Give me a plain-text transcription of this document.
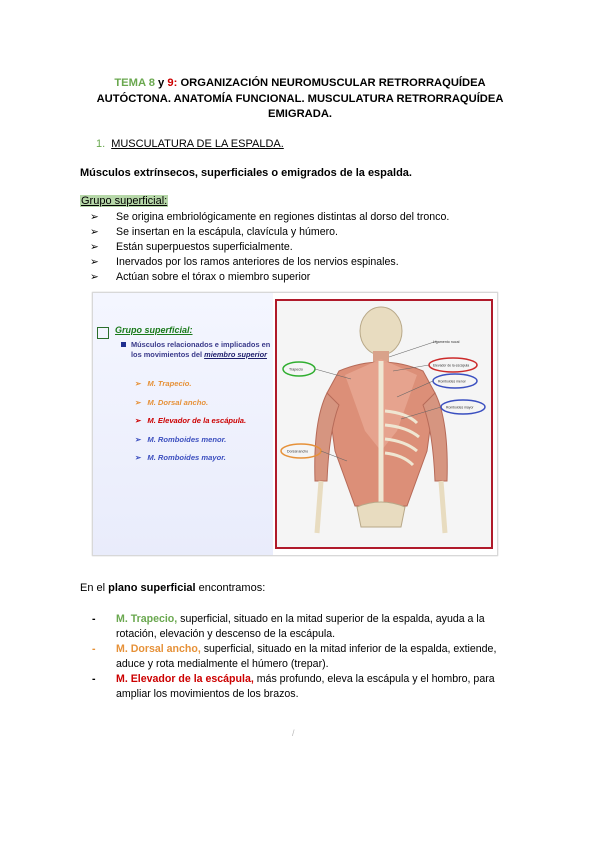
TEMA 8 y 9: ORGANIZACIÓN NEUROMUSCULAR RETRORRAQUÍDEA
AUTÓCTONA. ANATOMÍA FUNCIONAL. MUSCULATURA RETRORRAQUÍDEA
EMIGRADA.
1. MUSCULATURA DE LA ESPALDA.
Músculos extrínsecos, superficiales o emigrados de la espalda.
Grupo superficial:
➢ Se origina embriológicamente en regiones distintas al dorso del tronco.
➢ Se insertan en la escápula, clavícula y húmero.
➢ Están superpuestos superficialmente.
➢ Inervados por los ramos anteriores de los nervios espinales.
➢ Actúan sobre el tórax o miembro superior
Grupo superficial:
Músculos relacionados e implicados en los movimientos del miembro superior
➢ M. Trapecio.
➢ M. Dorsal ancho.
➢ M. Elevador de la escápula.
➢ M. Romboides menor.
➢ M. Romboides mayor.
Ligamento nucal
Trapecio
Elevador de la escápula
Romboides menor
Romboides mayor
Dorsal ancho
En el plano superficial encontramos:
- M. Trapecio, superficial, situado en la mitad superior de la espalda, ayuda a la rotación, elevación y descenso de la escápula.
- M. Dorsal ancho, superficial, situado en la mitad inferior de la espalda, extiende, aduce y rota medialmente el húmero (trepar).
- M. Elevador de la escápula, más profundo, eleva la escápula y el hombro, para ampliar los movimientos de los brazos.
/
